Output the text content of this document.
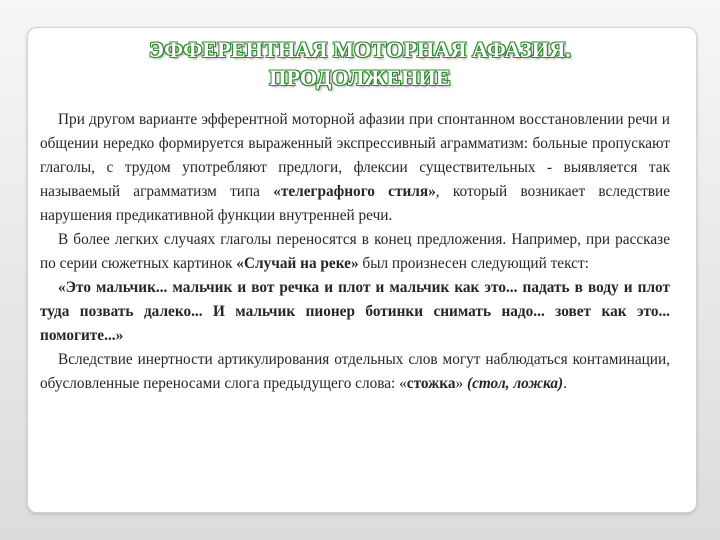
ЭФФЕРЕНТНАЯ МОТОРНАЯ АФАЗИЯ.
ПРОДОЛЖЕНИЕ

При другом варианте эфферентной моторной афазии при спонтанном восстановлении речи и общении нередко формируется выраженный экспрессивный аграмматизм: больные пропускают глаголы, с трудом употребляют предлоги, флексии существительных - выявляется так называемый аграмматизм типа «телеграфного стиля», который возникает вследствие нарушения предикативной функции внутренней речи.

В более легких случаях глаголы переносятся в конец предложения. Например, при рассказе по серии сюжетных картинок «Случай на реке» был произнесен следующий текст:

«Это мальчик... мальчик и вот речка и плот и мальчик как это... падать в воду и плот туда позвать далеко... И мальчик пионер ботинки снимать надо... зовет как это... помогите...»

Вследствие инертности артикулирования отдельных слов могут наблюдаться контаминации, обусловленные переносами слога предыдущего слова: «стожка» (стол, ложка).
